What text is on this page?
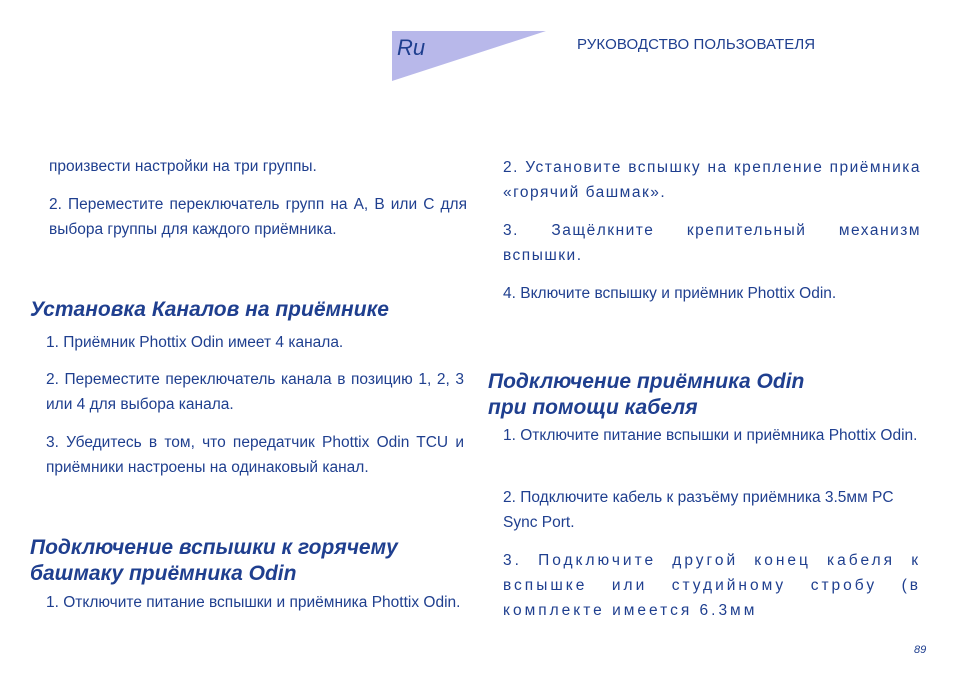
Ru	РУКОВОДСТВО ПОЛЬЗОВАТЕЛЯ

произвести настройки на три группы.

2. Переместите переключатель групп на А, В или С для выбора группы для каждого приёмника.

Установка Каналов на приёмнике

1. Приёмник Phottix Odin имеет 4 канала.

2. Переместите переключатель канала в позицию 1, 2, 3 или 4 для выбора канала.

3. Убедитесь в том, что передатчик Phottix Odin TCU и приёмники настроены на одинаковый канал.

Подключение вспышки к горячему
башмаку приёмника Odin

1. Отключите питание вспышки и приёмника Phottix Odin.

2. Установите вспышку на крепление приёмника «горячий башмак».

3. Защёлкните крепительный механизм вспышки.

4. Включите вспышку и приёмник Phottix Odin.

Подключение приёмника Odin
при помощи кабеля

1. Отключите питание вспышки и приёмника Phottix Odin.

2. Подключите кабель к разъёму приёмника 3.5мм PC Sync Port.

3. Подключите другой конец кабеля к вспышке или студийному стробу (в комплекте имеется 6.3мм

89
